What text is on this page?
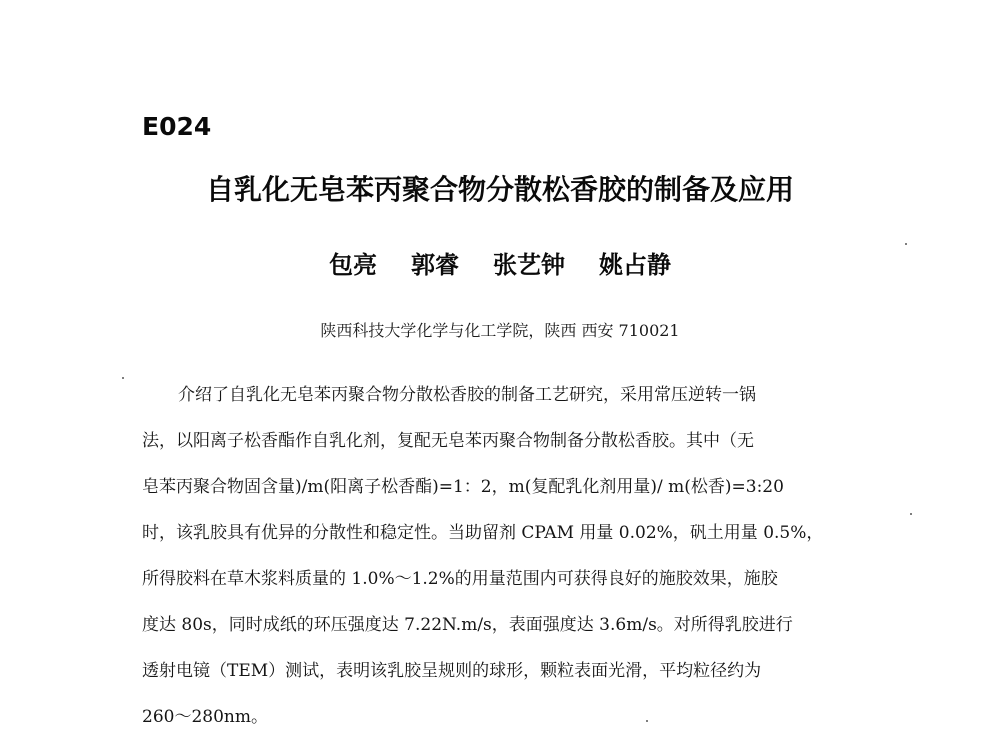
E024
自乳化无皂苯丙聚合物分散松香胶的制备及应用
包亮 郭睿 张艺钟 姚占静
陕西科技大学化学与化工学院，陕西 西安 710021
介绍了自乳化无皂苯丙聚合物分散松香胶的制备工艺研究，采用常压逆转一锅
法，以阳离子松香酯作自乳化剂，复配无皂苯丙聚合物制备分散松香胶。其中（无
皂苯丙聚合物固含量)/m(阳离子松香酯)=1：2，m(复配乳化剂用量)/ m(松香)=3:20
时，该乳胶具有优异的分散性和稳定性。当助留剂 CPAM 用量 0.02%，矾土用量 0.5%，
所得胶料在草木浆料质量的 1.0%～1.2%的用量范围内可获得良好的施胶效果，施胶
度达 80s，同时成纸的环压强度达 7.22N.m/s，表面强度达 3.6m/s。对所得乳胶进行
透射电镜（TEM）测试，表明该乳胶呈规则的球形，颗粒表面光滑，平均粒径约为
260～280nm。
